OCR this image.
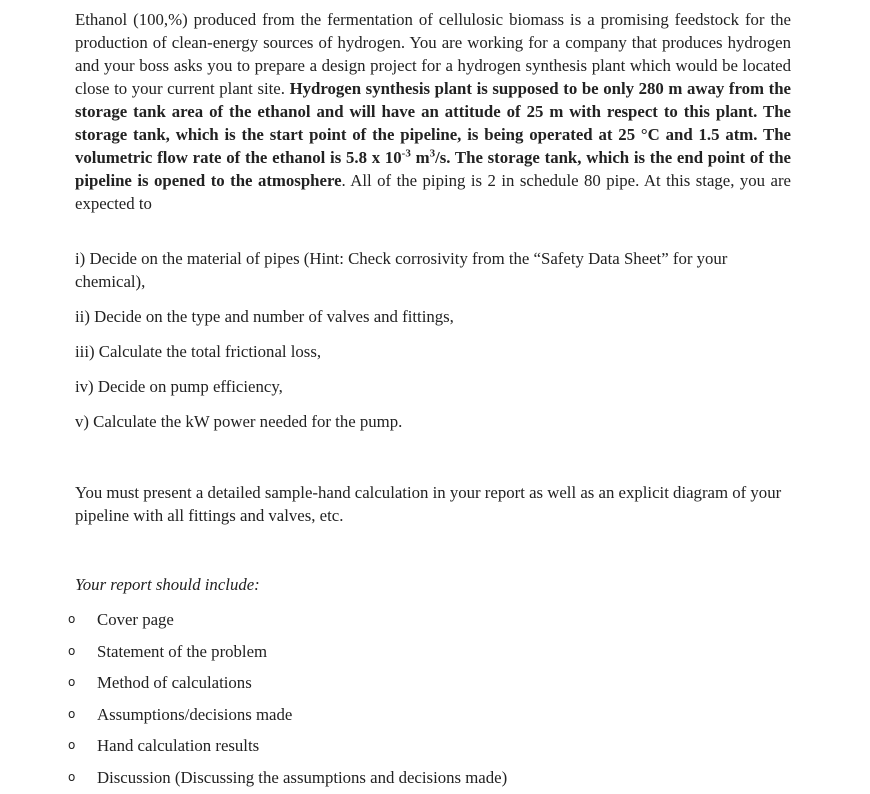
Ethanol (100,%) produced from the fermentation of cellulosic biomass is a promising feedstock for the production of clean-energy sources of hydrogen. You are working for a company that produces hydrogen and your boss asks you to prepare a design project for a hydrogen synthesis plant which would be located close to your current plant site. Hydrogen synthesis plant is supposed to be only 280 m away from the storage tank area of the ethanol and will have an attitude of 25 m with respect to this plant. The storage tank, which is the start point of the pipeline, is being operated at 25 °C and 1.5 atm. The volumetric flow rate of the ethanol is 5.8 x $10^{-3}$ $m^3/s$. The storage tank, which is the end point of the pipeline is opened to the atmosphere. All of the piping is 2 in schedule 80 pipe. At this stage, you are expected to

i) Decide on the material of pipes (Hint: Check corrosivity from the “Safety Data Sheet” for your chemical),

ii) Decide on the type and number of valves and fittings,

iii) Calculate the total frictional loss,

iv) Decide on pump efficiency,

v) Calculate the kW power needed for the pump.

You must present a detailed sample-hand calculation in your report as well as an explicit diagram of your pipeline with all fittings and valves, etc.

Your report should include:

o Cover page
o Statement of the problem
o Method of calculations
o Assumptions/decisions made
o Hand calculation results
o Discussion (Discussing the assumptions and decisions made)
